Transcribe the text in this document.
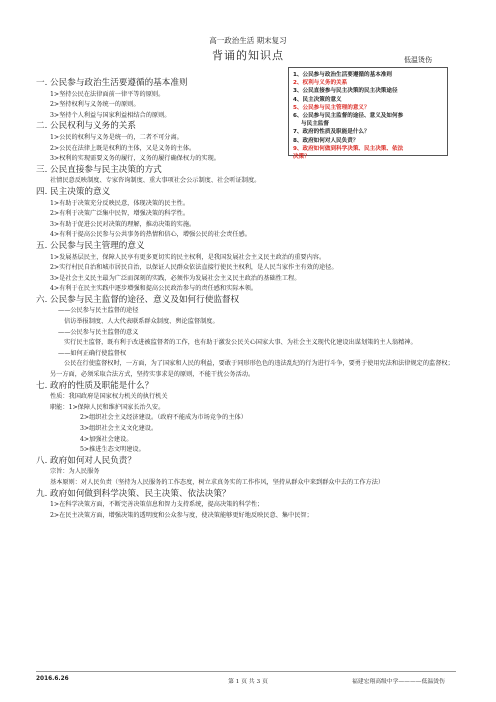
高一政治生活 期末复习
背诵的知识点	低温烫伤
1、公民参与政治生活要遵循的基本准则
2、权利与义务的关系
3、公民直接参与民主决策的民主决策途径
4、民主决策的意义
5、公民参与民主管理的意义？
6、公民参与民主监督的途径、意义及如何参
与民主监督
7、政府的性质及职能是什么？
8、政府如何对人民负责？
9、政府如何做到科学决策、民主决策、依法
决策？
一. 公民参与政治生活要遵循的基本准则
1>坚持公民在法律面前一律平等的原则。
2>坚持权利与义务统一的原则。
3>坚持个人利益与国家利益相结合的原则。
二. 公民权利与义务的关系
1>公民的权利与义务是统一的，二者不可分离。
2>公民在法律上既是权利的主体，又是义务的主体。
3>权利的实现需要义务的履行，义务的履行确保权力的实现。
三. 公民直接参与民主决策的方式
社情民意反映制度、专家咨询制度、重大事项社会公示制度、社会听证制度。
四. 民主决策的意义
1>有助于决策充分反映民意，体现决策的民主性。
2>有利于决策广泛集中民智，增强决策的科学性。
3>有助于促进公民对决策的理解，推动决策的实施。
4>有利于提高公民参与公共事务的热情和信心，增强公民的社会责任感。
五. 公民参与民主管理的意义
1>发展基层民主，保障人民享有更多更切实的民主权利，是我国发展社会主义民主政治的重要内容。
2>实行村民自治和城市居民自治，以保证人民群众依法直接行使民主权利，是人民当家作主有效的途径。
3>是社会主义民主最为广泛而深刻的实践，必须作为发展社会主义民主政治的基础性工程。
4>有利于在民主实践中逐步增强和提高公民政治参与的责任感和实际本领。
六. 公民参与民主监督的途径、意义及如何行使监督权
——公民参与民主监督的途径
信访举报制度、人大代表联系群众制度、舆论监督制度。
——公民参与民主监督的意义
实行民主监督，既有利于改进被监督者的工作，也有助于激发公民关心国家大事、为社会主义现代化建设出谋划策的主人翁精神。
——如何正确行使监督权
公民在行使监督权时，一方面，为了国家和人民的利益，要敢于同形形色色的违法乱纪的行为进行斗争，要勇于使用宪法和法律规定的监督权；另一方面，必须采取合法方式，坚持实事求是的原则，不能干扰公务活动。
七. 政府的性质及职能是什么？
性质：我国政府是国家权力机关的执行机关
职能：1>保障人民和维护国家长治久安。
2>组织社会主义经济建设。（政府不能成为市场竞争的主体）
3>组织社会主义文化建设。
4>加强社会建设。
5>推进生态文明建设。
八. 政府如何对人民负责？
宗旨：为人民服务
基本原则：对人民负责（坚持为人民服务的工作态度，树立求真务实的工作作风，坚持从群众中来到群众中去的工作方法）
九. 政府如何做到科学决策、民主决策、依法决策？
1>在科学决策方面，不断完善决策信息和智力支持系统，提高决策的科学性；
2>在民主决策方面，增强决策的透明度和公众参与度，使决策能够更好地反映民意、集中民智；
2016.6.26	第 1 页 共 3 页	福建宏翔高级中学————低温烫伤
